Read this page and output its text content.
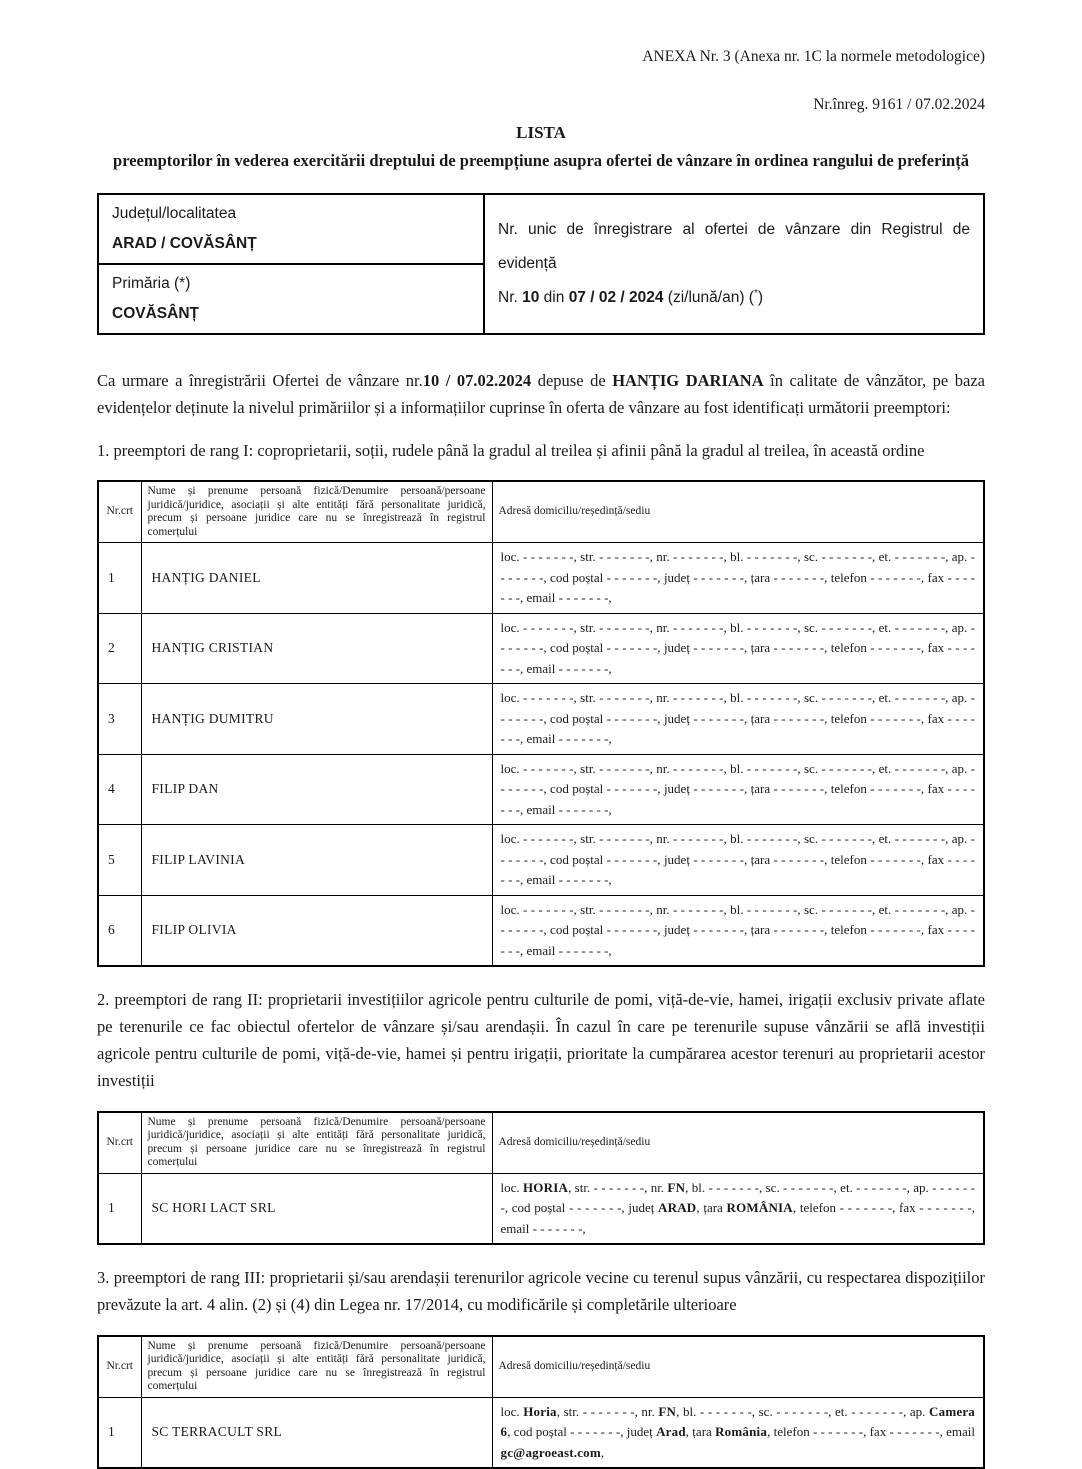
ANEXA Nr. 3 (Anexa nr. 1C la normele metodologice)
Nr.înreg. 9161 / 07.02.2024
LISTA
preemptorilor în vederea exercitării dreptului de preempțiune asupra ofertei de vânzare în ordinea rangului de preferință
Județul/localitatea
ARAD / COVĂSÂNȚ

Nr. unic de înregistrare al ofertei de vânzare din Registrul de evidență

Nr. 10 din 07 / 02 / 2024 (zi/lună/an) (*)

Primăria (*)
COVĂSÂNȚ

Ca urmare a înregistrării Ofertei de vânzare nr.10 / 07.02.2024 depuse de HANȚIG DARIANA în calitate de vânzător, pe baza evidențelor deținute la nivelul primăriilor și a informațiilor cuprinse în oferta de vânzare au fost identificați următorii preemptori:

1. preemptori de rang I: coproprietarii, soții, rudele până la gradul al treilea și afinii până la gradul al treilea, în această ordine

Nr.crt	Nume și prenume persoană fizică/Denumire persoană/persoane juridică/juridice, asociații și alte entități fără personalitate juridică, precum și persoane juridice care nu se înregistrează în registrul comerțului	Adresă domiciliu/reședință/sediu
1	HANȚIG DANIEL	loc. - - - - - - -, str. - - - - - - -, nr. - - - - - - -, bl. - - - - - - -, sc. - - - - - - -, et. - - - - - - -, ap. - - - - - - -, cod poștal - - - - - - -, județ - - - - - - -, țara - - - - - - -, telefon - - - - - - -, fax - - - - - - -, email - - - - - - -,
2	HANȚIG CRISTIAN	loc. - - - - - - -, str. - - - - - - -, nr. - - - - - - -, bl. - - - - - - -, sc. - - - - - - -, et. - - - - - - -, ap. - - - - - - -, cod poștal - - - - - - -, județ - - - - - - -, țara - - - - - - -, telefon - - - - - - -, fax - - - - - - -, email - - - - - - -,
3	HANȚIG DUMITRU	loc. - - - - - - -, str. - - - - - - -, nr. - - - - - - -, bl. - - - - - - -, sc. - - - - - - -, et. - - - - - - -, ap. - - - - - - -, cod poștal - - - - - - -, județ - - - - - - -, țara - - - - - - -, telefon - - - - - - -, fax - - - - - - -, email - - - - - - -,
4	FILIP DAN	loc. - - - - - - -, str. - - - - - - -, nr. - - - - - - -, bl. - - - - - - -, sc. - - - - - - -, et. - - - - - - -, ap. - - - - - - -, cod poștal - - - - - - -, județ - - - - - - -, țara - - - - - - -, telefon - - - - - - -, fax - - - - - - -, email - - - - - - -,
5	FILIP LAVINIA	loc. - - - - - - -, str. - - - - - - -, nr. - - - - - - -, bl. - - - - - - -, sc. - - - - - - -, et. - - - - - - -, ap. - - - - - - -, cod poștal - - - - - - -, județ - - - - - - -, țara - - - - - - -, telefon - - - - - - -, fax - - - - - - -, email - - - - - - -,
6	FILIP OLIVIA	loc. - - - - - - -, str. - - - - - - -, nr. - - - - - - -, bl. - - - - - - -, sc. - - - - - - -, et. - - - - - - -, ap. - - - - - - -, cod poștal - - - - - - -, județ - - - - - - -, țara - - - - - - -, telefon - - - - - - -, fax - - - - - - -, email - - - - - - -,

2. preemptori de rang II: proprietarii investițiilor agricole pentru culturile de pomi, viță-de-vie, hamei, irigații exclusiv private aflate pe terenurile ce fac obiectul ofertelor de vânzare și/sau arendașii. În cazul în care pe terenurile supuse vânzării se află investiții agricole pentru culturile de pomi, viță-de-vie, hamei și pentru irigații, prioritate la cumpărarea acestor terenuri au proprietarii acestor investiții

Nr.crt	Nume și prenume persoană fizică/Denumire persoană/persoane juridică/juridice, asociații și alte entități fără personalitate juridică, precum și persoane juridice care nu se înregistrează în registrul comerțului	Adresă domiciliu/reședință/sediu
1	SC HORI LACT SRL	loc. HORIA, str. - - - - - - -, nr. FN, bl. - - - - - - -, sc. - - - - - - -, et. - - - - - - -, ap. - - - - - - -, cod poștal - - - - - - -, județ ARAD, țara ROMÂNIA, telefon - - - - - - -, fax - - - - - - -, email - - - - - - -,

3. preemptori de rang III: proprietarii și/sau arendașii terenurilor agricole vecine cu terenul supus vânzării, cu respectarea dispozițiilor prevăzute la art. 4 alin. (2) și (4) din Legea nr. 17/2014, cu modificările și completările ulterioare

Nr.crt	Nume și prenume persoană fizică/Denumire persoană/persoane juridică/juridice, asociații și alte entități fără personalitate juridică, precum și persoane juridice care nu se înregistrează în registrul comerțului	Adresă domiciliu/reședință/sediu
1	SC TERRACULT SRL	loc. Horia, str. - - - - - - -, nr. FN, bl. - - - - - - -, sc. - - - - - - -, et. - - - - - - -, ap. Camera 6, cod poștal - - - - - - -, județ Arad, țara România, telefon - - - - - - -, fax - - - - - - -, email gc@agroeast.com,
